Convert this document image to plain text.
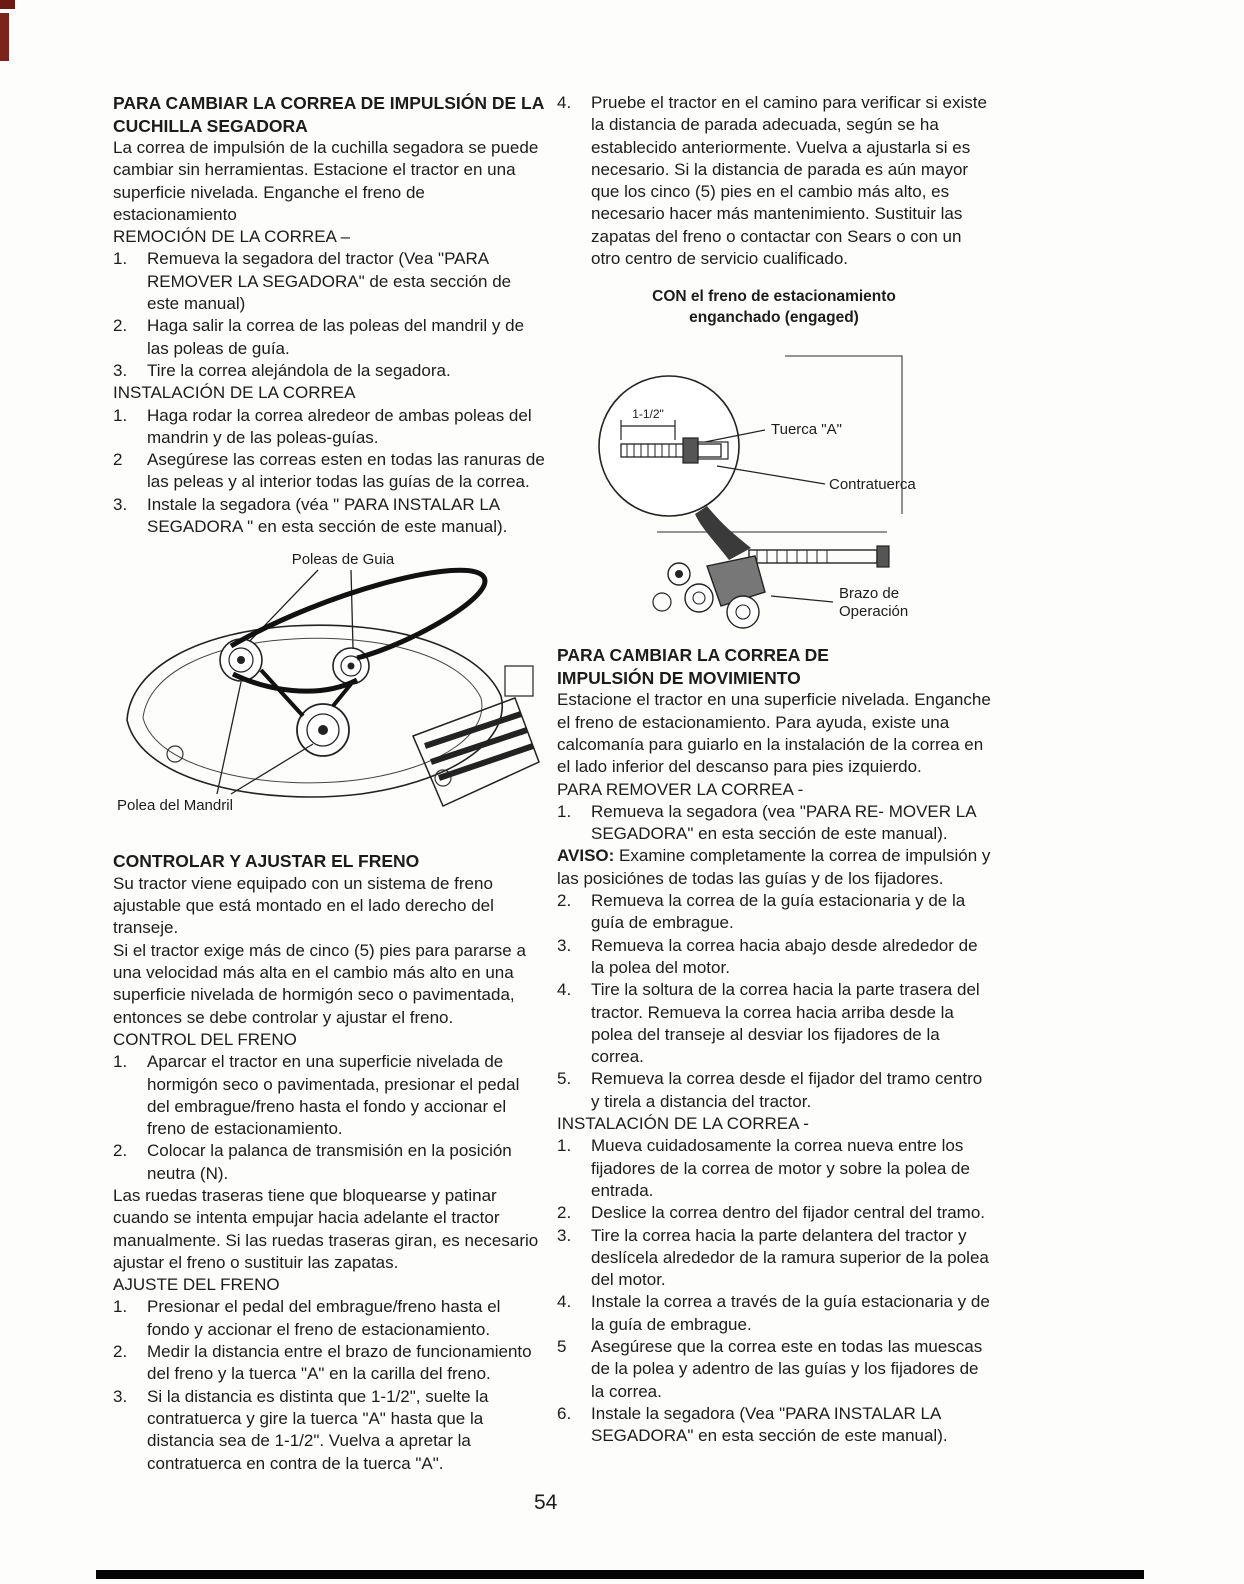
PARA CAMBIAR LA CORREA DE IMPULSIÓN DE LA CUCHILLA SEGADORA

La correa de impulsión de la cuchilla segadora se puede cambiar sin herramientas. Estacione el tractor en una superficie nivelada. Enganche el freno de estacionamiento

REMOCIÓN DE LA CORREA –

1.	Remueva la segadora del tractor (Vea "PARA REMOVER LA SEGADORA" de esta sección de este manual)
2.	Haga salir la correa de las poleas del mandril y de las poleas de guía.
3.	Tire la correa alejándola de la segadora.

INSTALACIÓN DE LA CORREA

1.	Haga rodar la correa alredeor de ambas poleas del mandrin y de las poleas-guías.
2	Asegúrese las correas esten en todas las ranuras de las peleas y al interior todas las guías de la correa.
3.	Instale la segadora (véa " PARA INSTALAR LA SEGADORA " en esta sección de este manual).
Poleas de Guia
Polea del Mandril
CONTROLAR Y AJUSTAR EL FRENO

Su tractor viene equipado con un sistema de freno ajustable que está montado en el lado derecho del transeje.

Si el tractor exige más de cinco (5) pies para pararse a una velocidad más alta en el cambio más alto en una superficie nivelada de hormigón seco o pavimentada, entonces se debe controlar y ajustar el freno.

CONTROL DEL FRENO

1.	Aparcar el tractor en una superficie nivelada de hormigón seco o pavimentada, presionar el pedal del embrague/freno hasta el fondo y accionar el freno de estacionamiento.
2.	Colocar la palanca de transmisión en la posición neutra (N).

Las ruedas traseras tiene que bloquearse y patinar cuando se intenta empujar hacia adelante el tractor manualmente. Si las ruedas traseras giran, es necesario ajustar el freno o sustituir las zapatas.

AJUSTE DEL FRENO

1.	Presionar el pedal del embrague/freno hasta el fondo y accionar el freno de estacionamiento.
2.	Medir la distancia entre el brazo de funcionamiento del freno y la tuerca "A" en la carilla del freno.
3.	Si la distancia es distinta que 1-1/2", suelte la contratuerca y gire la tuerca "A" hasta que la distancia sea de 1-1/2". Vuelva a apretar la contratuerca en contra de la tuerca "A".
4.	Pruebe el tractor en el camino para verificar si existe la distancia de parada adecuada, según se ha establecido anteriormente. Vuelva a ajustarla si es necesario. Si la distancia de parada es aún mayor que los cinco (5) pies en el cambio más alto, es necesario hacer más mantenimiento. Sustituir las zapatas del freno o contactar con Sears o con un otro centro de servicio cualificado.
CON el freno de estacionamiento
enganchado (engaged)
1-1/2"
Tuerca "A"
Contratuerca
Brazo de
Operación
PARA CAMBIAR LA CORREA DE
IMPULSIÓN DE MOVIMIENTO

Estacione el tractor en una superficie nivelada. Enganche el freno de estacionamiento. Para ayuda, existe una calcomanía para guiarlo en la instalación de la correa en el lado inferior del descanso para pies izquierdo.

PARA REMOVER LA CORREA -

1.	Remueva la segadora (vea "PARA RE- MOVER LA SEGADORA" en esta sección de este manual).

AVISO: Examine completamente la correa de impulsión y las posiciónes de todas las guías y de los fijadores.

2.	Remueva la correa de la guía estacionaria y de la guía de embrague.
3.	Remueva la correa hacia abajo desde alrededor de la polea del motor.
4.	Tire la soltura de la correa hacia la parte trasera del tractor. Remueva la correa hacia arriba desde la polea del transeje al desviar los fijadores de la correa.
5.	Remueva la correa desde el fijador del tramo centro y tirela a distancia del tractor.

INSTALACIÓN DE LA CORREA -

1.	Mueva cuidadosamente la correa nueva entre los fijadores de la correa de motor y sobre la polea de entrada.
2.	Deslice la correa dentro del fijador central del tramo.
3.	Tire la correa hacia la parte delantera del tractor y deslícela alrededor de la ramura superior de la polea del motor.
4.	Instale la correa a través de la guía estacionaria y de la guía de embrague.
5	Asegúrese que la correa este en todas las muescas de la polea y adentro de las guías y los fijadores de la correa.
6.	Instale la segadora (Vea "PARA INSTALAR LA SEGADORA" en esta sección de este manual).
54
